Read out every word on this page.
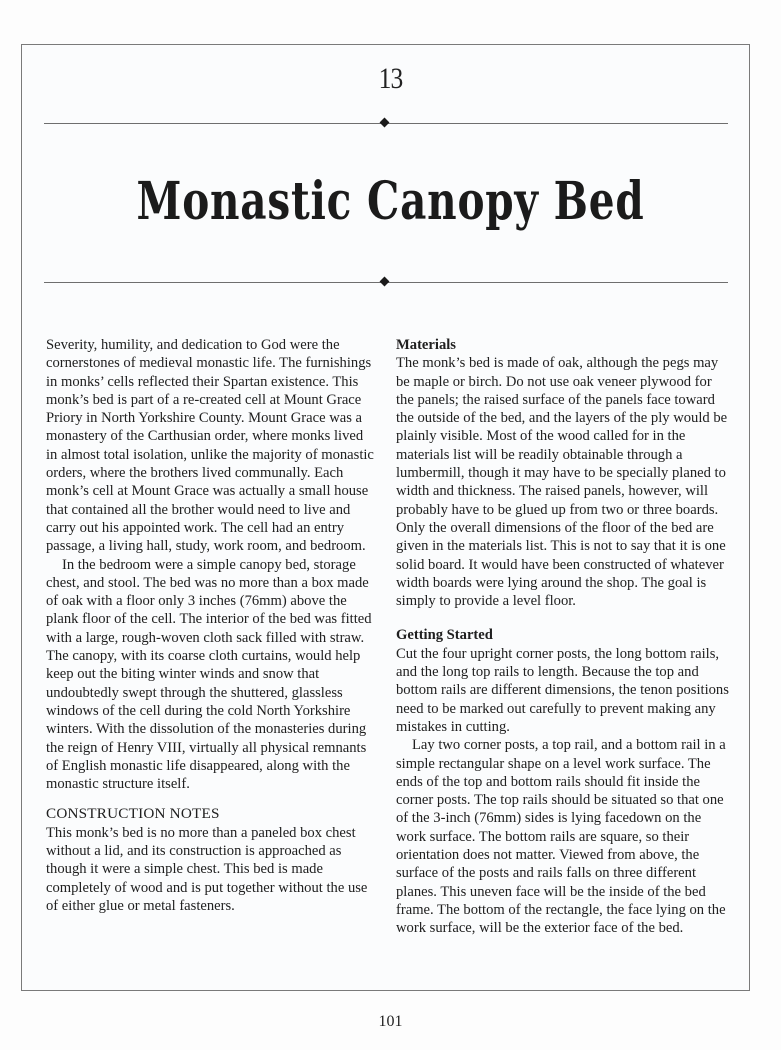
13
Monastic Canopy Bed

Severity, humility, and dedication to God were the cornerstones of medieval monastic life. The furnishings in monks’ cells reflected their Spartan existence. This monk’s bed is part of a re-created cell at Mount Grace Priory in North Yorkshire County. Mount Grace was a monastery of the Carthusian order, where monks lived in almost total isolation, unlike the majority of monastic orders, where the brothers lived communally. Each monk’s cell at Mount Grace was actually a small house that contained all the brother would need to live and carry out his appointed work. The cell had an entry passage, a living hall, study, work room, and bedroom.

In the bedroom were a simple canopy bed, storage chest, and stool. The bed was no more than a box made of oak with a floor only 3 inches (76mm) above the plank floor of the cell. The interior of the bed was fitted with a large, rough-woven cloth sack filled with straw. The canopy, with its coarse cloth curtains, would help keep out the biting winter winds and snow that undoubtedly swept through the shuttered, glassless windows of the cell during the cold North Yorkshire winters. With the dissolution of the monasteries during the reign of Henry VIII, virtually all physical remnants of English monastic life disappeared, along with the monastic structure itself.

CONSTRUCTION NOTES

This monk’s bed is no more than a paneled box chest without a lid, and its construction is approached as though it were a simple chest. This bed is made completely of wood and is put together without the use of either glue or metal fasteners.

Materials

The monk’s bed is made of oak, although the pegs may be maple or birch. Do not use oak veneer plywood for the panels; the raised surface of the panels face toward the outside of the bed, and the layers of the ply would be plainly visible. Most of the wood called for in the materials list will be readily obtainable through a lumbermill, though it may have to be specially planed to width and thickness. The raised panels, however, will probably have to be glued up from two or three boards. Only the overall dimensions of the floor of the bed are given in the materials list. This is not to say that it is one solid board. It would have been constructed of whatever width boards were lying around the shop. The goal is simply to provide a level floor.

Getting Started

Cut the four upright corner posts, the long bottom rails, and the long top rails to length. Because the top and bottom rails are different dimensions, the tenon positions need to be marked out carefully to prevent making any mistakes in cutting.

Lay two corner posts, a top rail, and a bottom rail in a simple rectangular shape on a level work surface. The ends of the top and bottom rails should fit inside the corner posts. The top rails should be situated so that one of the 3-inch (76mm) sides is lying facedown on the work surface. The bottom rails are square, so their orientation does not matter. Viewed from above, the surface of the posts and rails falls on three different planes. This uneven face will be the inside of the bed frame. The bottom of the rectangle, the face lying on the work surface, will be the exterior face of the bed.

101
